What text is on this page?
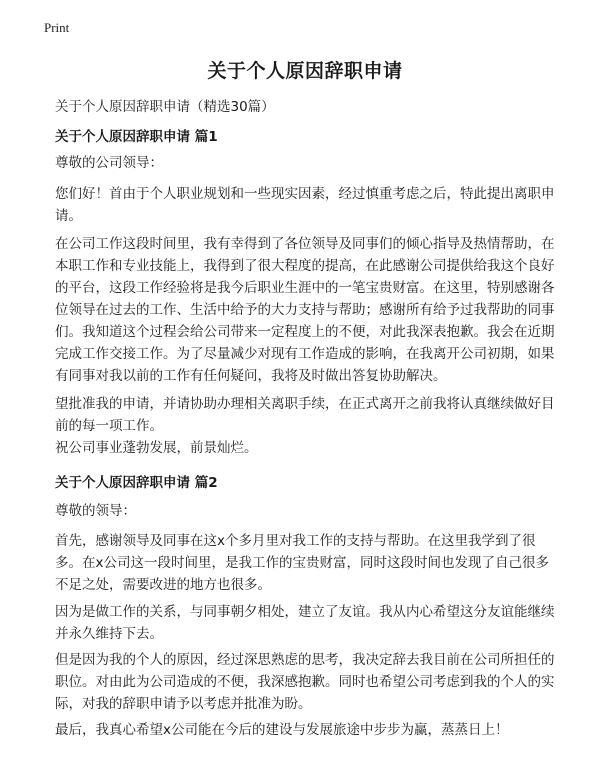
Print
关于个人原因辞职申请
关于个人原因辞职申请（精选30篇）
关于个人原因辞职申请 篇1

尊敬的公司领导：

您们好！首由于个人职业规划和一些现实因素，经过慎重考虑之后，特此提出离职申请。

在公司工作这段时间里，我有幸得到了各位领导及同事们的倾心指导及热情帮助，在本职工作和专业技能上，我得到了很大程度的提高，在此感谢公司提供给我这个良好的平台，这段工作经验将是我今后职业生涯中的一笔宝贵财富。在这里，特别感谢各位领导在过去的工作、生活中给予的大力支持与帮助；感谢所有给予过我帮助的同事们。我知道这个过程会给公司带来一定程度上的不便，对此我深表抱歉。我会在近期完成工作交接工作。为了尽量减少对现有工作造成的影响，在我离开公司初期，如果有同事对我以前的工作有任何疑问，我将及时做出答复协助解决。

望批准我的申请，并请协助办理相关离职手续，在正式离开之前我将认真继续做好目前的每一项工作。

祝公司事业蓬勃发展，前景灿烂。

关于个人原因辞职申请 篇2

尊敬的领导：

首先，感谢领导及同事在这x个多月里对我工作的支持与帮助。在这里我学到了很多。在x公司这一段时间里，是我工作的宝贵财富，同时这段时间也发现了自己很多不足之处，需要改进的地方也很多。

因为是做工作的关系，与同事朝夕相处，建立了友谊。我从内心希望这分友谊能继续并永久维持下去。

但是因为我的个人的原因，经过深思熟虑的思考，我决定辞去我目前在公司所担任的职位。对由此为公司造成的不便，我深感抱歉。同时也希望公司考虑到我的个人的实际，对我的辞职申请予以考虑并批准为盼。

最后，我真心希望x公司能在今后的建设与发展旅途中步步为赢，蒸蒸日上！
